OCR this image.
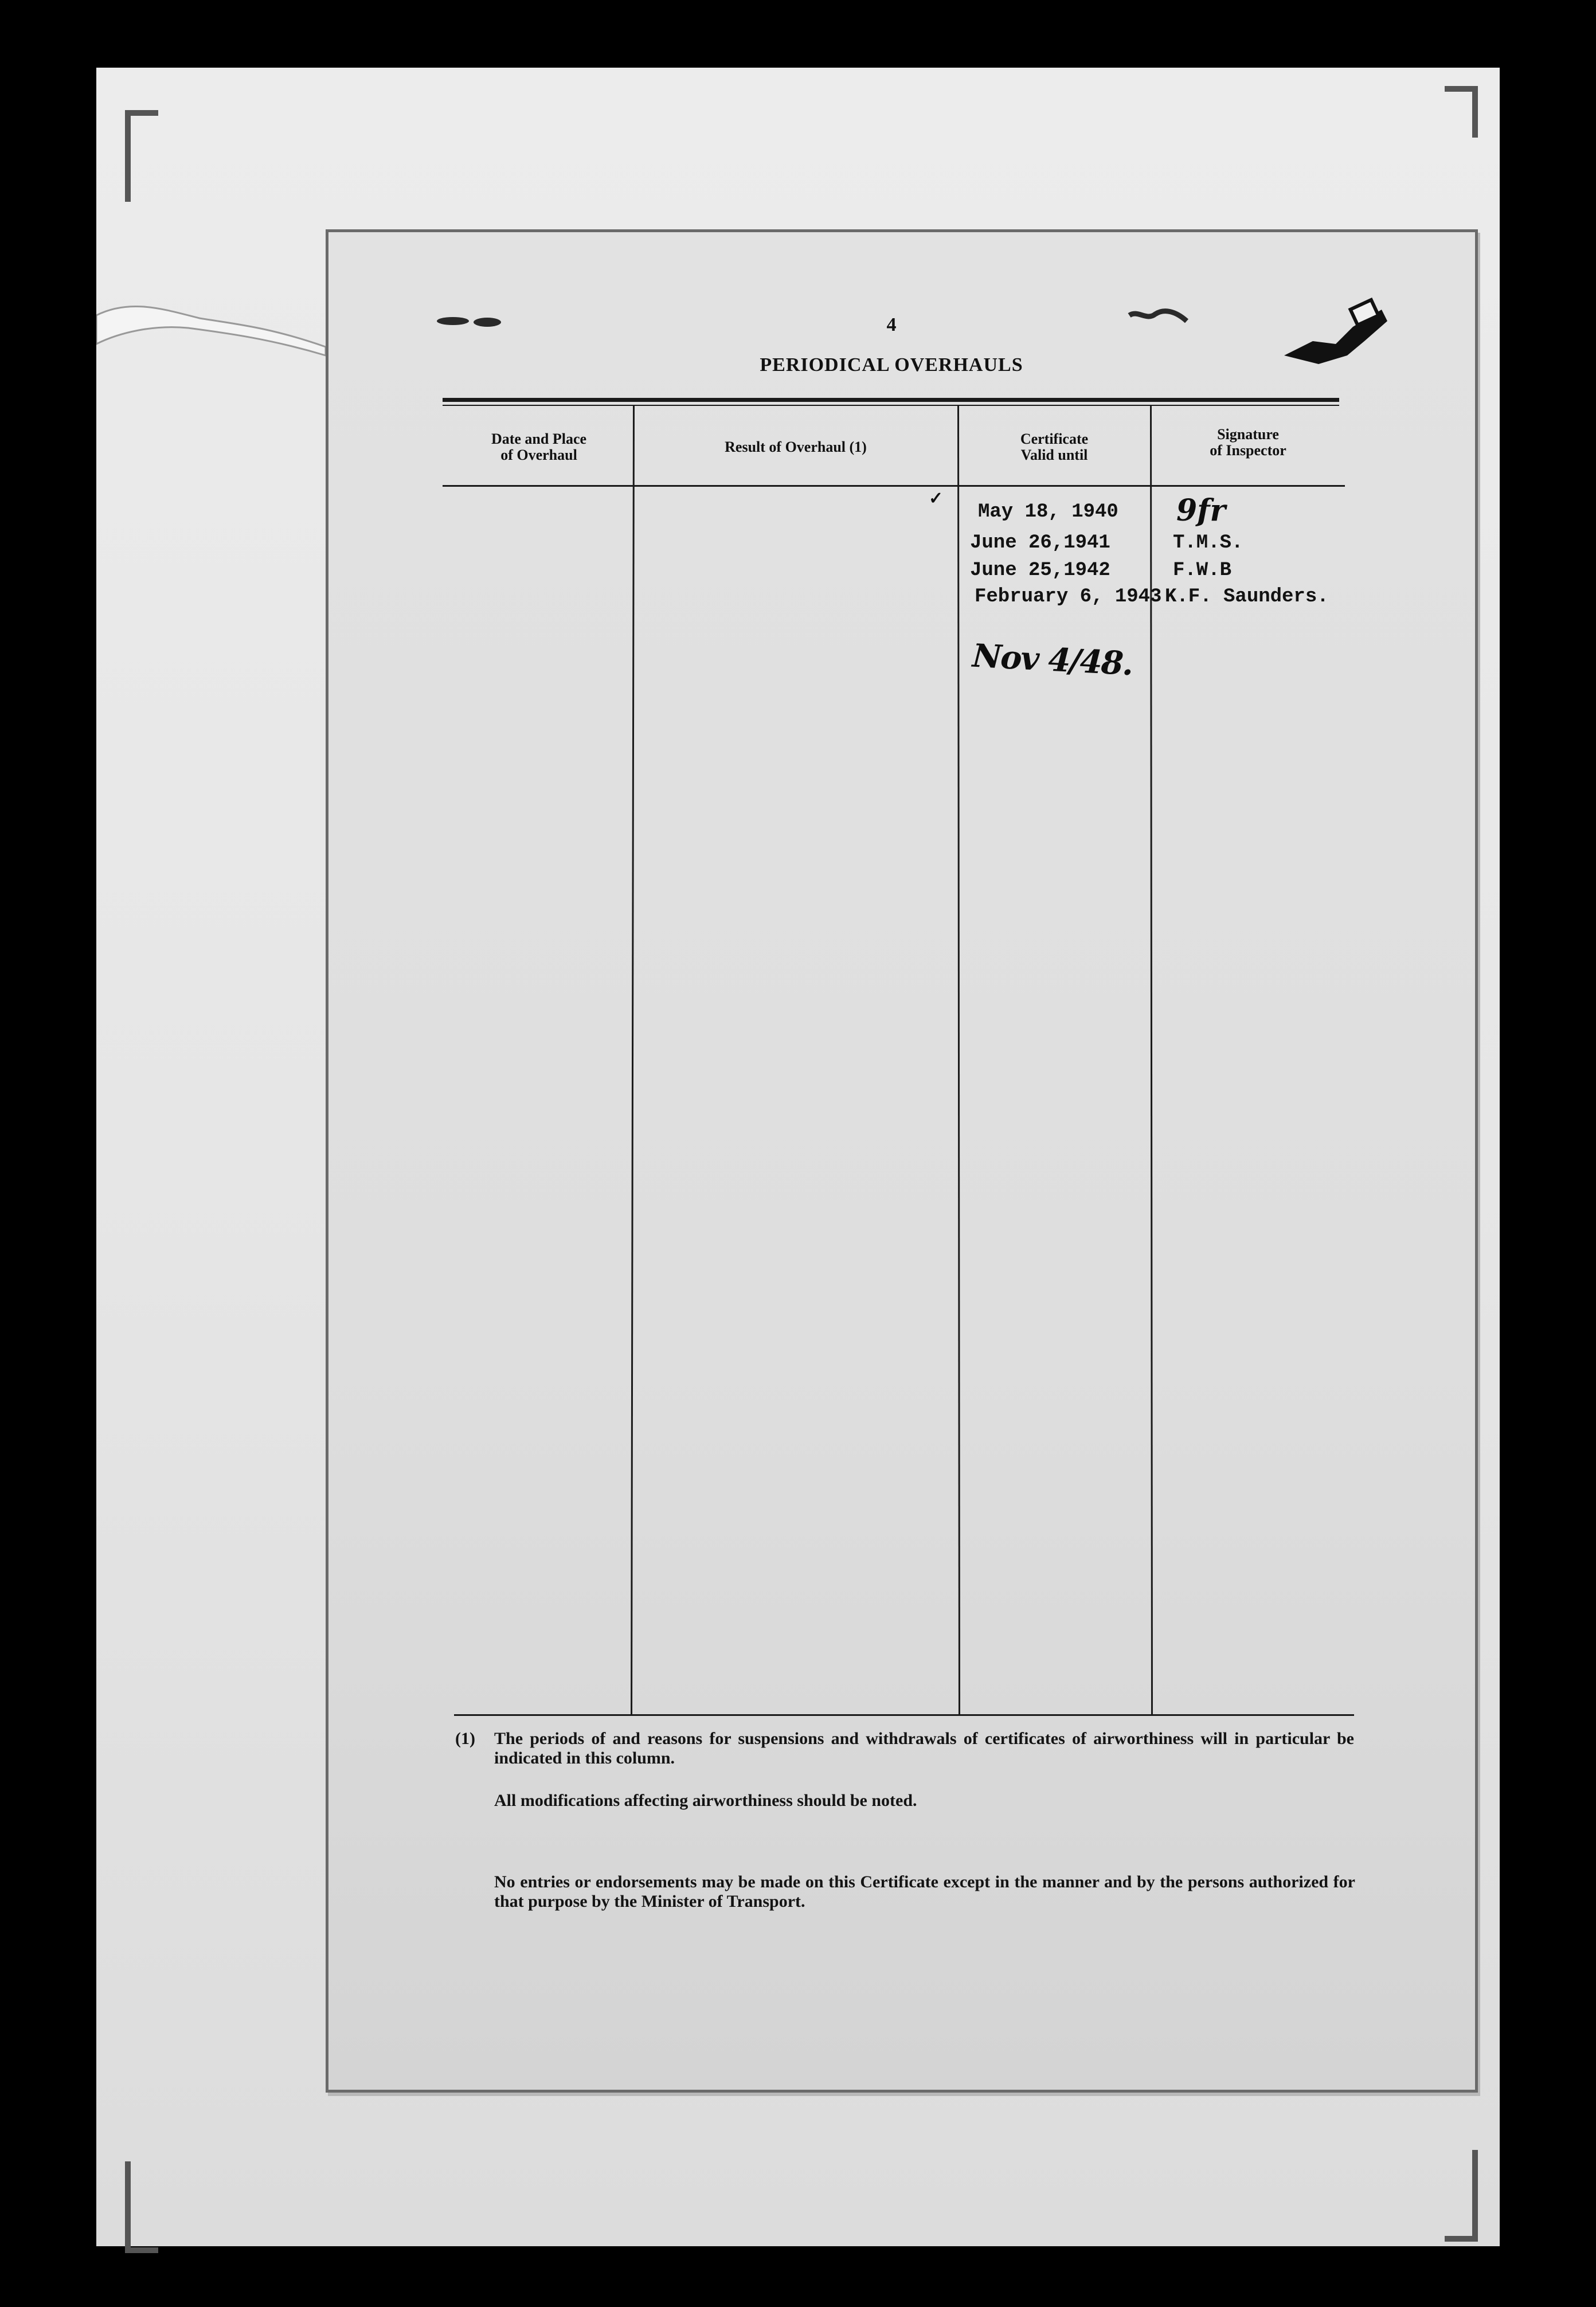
4
PERIODICAL OVERHAULS
Date and Place
of Overhaul	Result of Overhaul (1)	Certificate
Valid until
Signature
of Inspector
✓
May 18, 1940
June 26,1941
June 25,1942
February 6, 1943
9fr
T.M.S.
F.W.B
K.F. Saunders.
Nov 4/48.
(1) The periods of and reasons for suspensions and withdrawals of certificates of airworthiness will in particular be indicated in this column.
All modifications affecting airworthiness should be noted.
No entries or endorsements may be made on this Certificate except in the manner and by the persons authorized for that purpose by the Minister of Transport.
